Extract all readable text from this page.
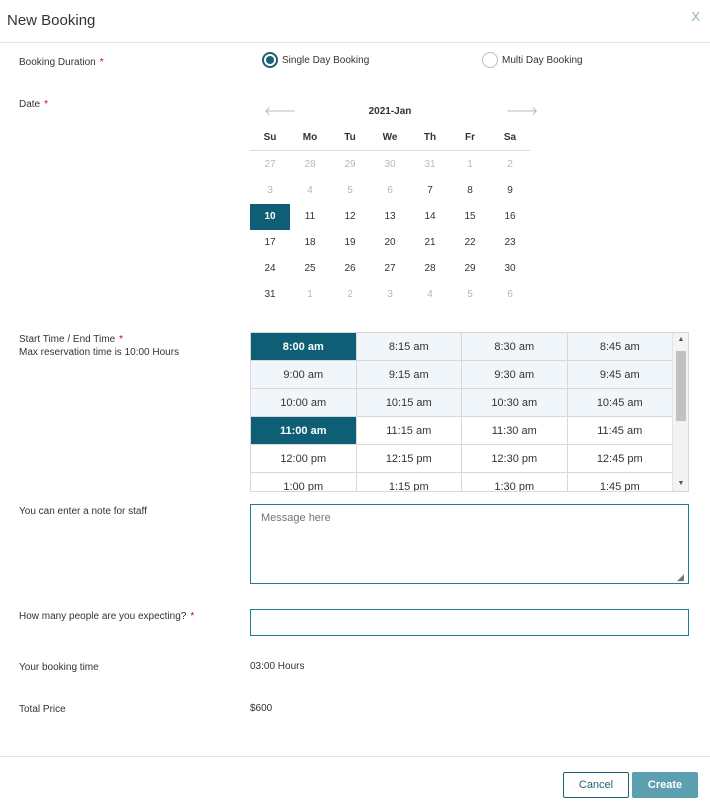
New Booking	X
Booking Duration *	Single Day Booking	Multi Day Booking
Date *	🡐	2021-Jan	🡒
Su	Mo	Tu	We	Th	Fr	Sa
27	28	29	30	31	1	2
3	4	5	6	7	8	9
10	11	12	13	14	15	16
17	18	19	20	21	22	23
24	25	26	27	28	29	30
31	1	2	3	4	5	6
Start Time / End Time *
Max reservation time is 10:00 Hours	8:00 am	8:15 am	8:30 am	8:45 am
9:00 am	9:15 am	9:30 am	9:45 am
10:00 am	10:15 am	10:30 am	10:45 am
11:00 am	11:15 am	11:30 am	11:45 am
12:00 pm	12:15 pm	12:30 pm	12:45 pm
1:00 pm	1:15 pm	1:30 pm	1:45 pm
▲
▼
You can enter a note for staff
Message here
◢
How many people are you expecting? *
Your booking time	03:00 Hours
Total Price	$600
Cancel	Create
